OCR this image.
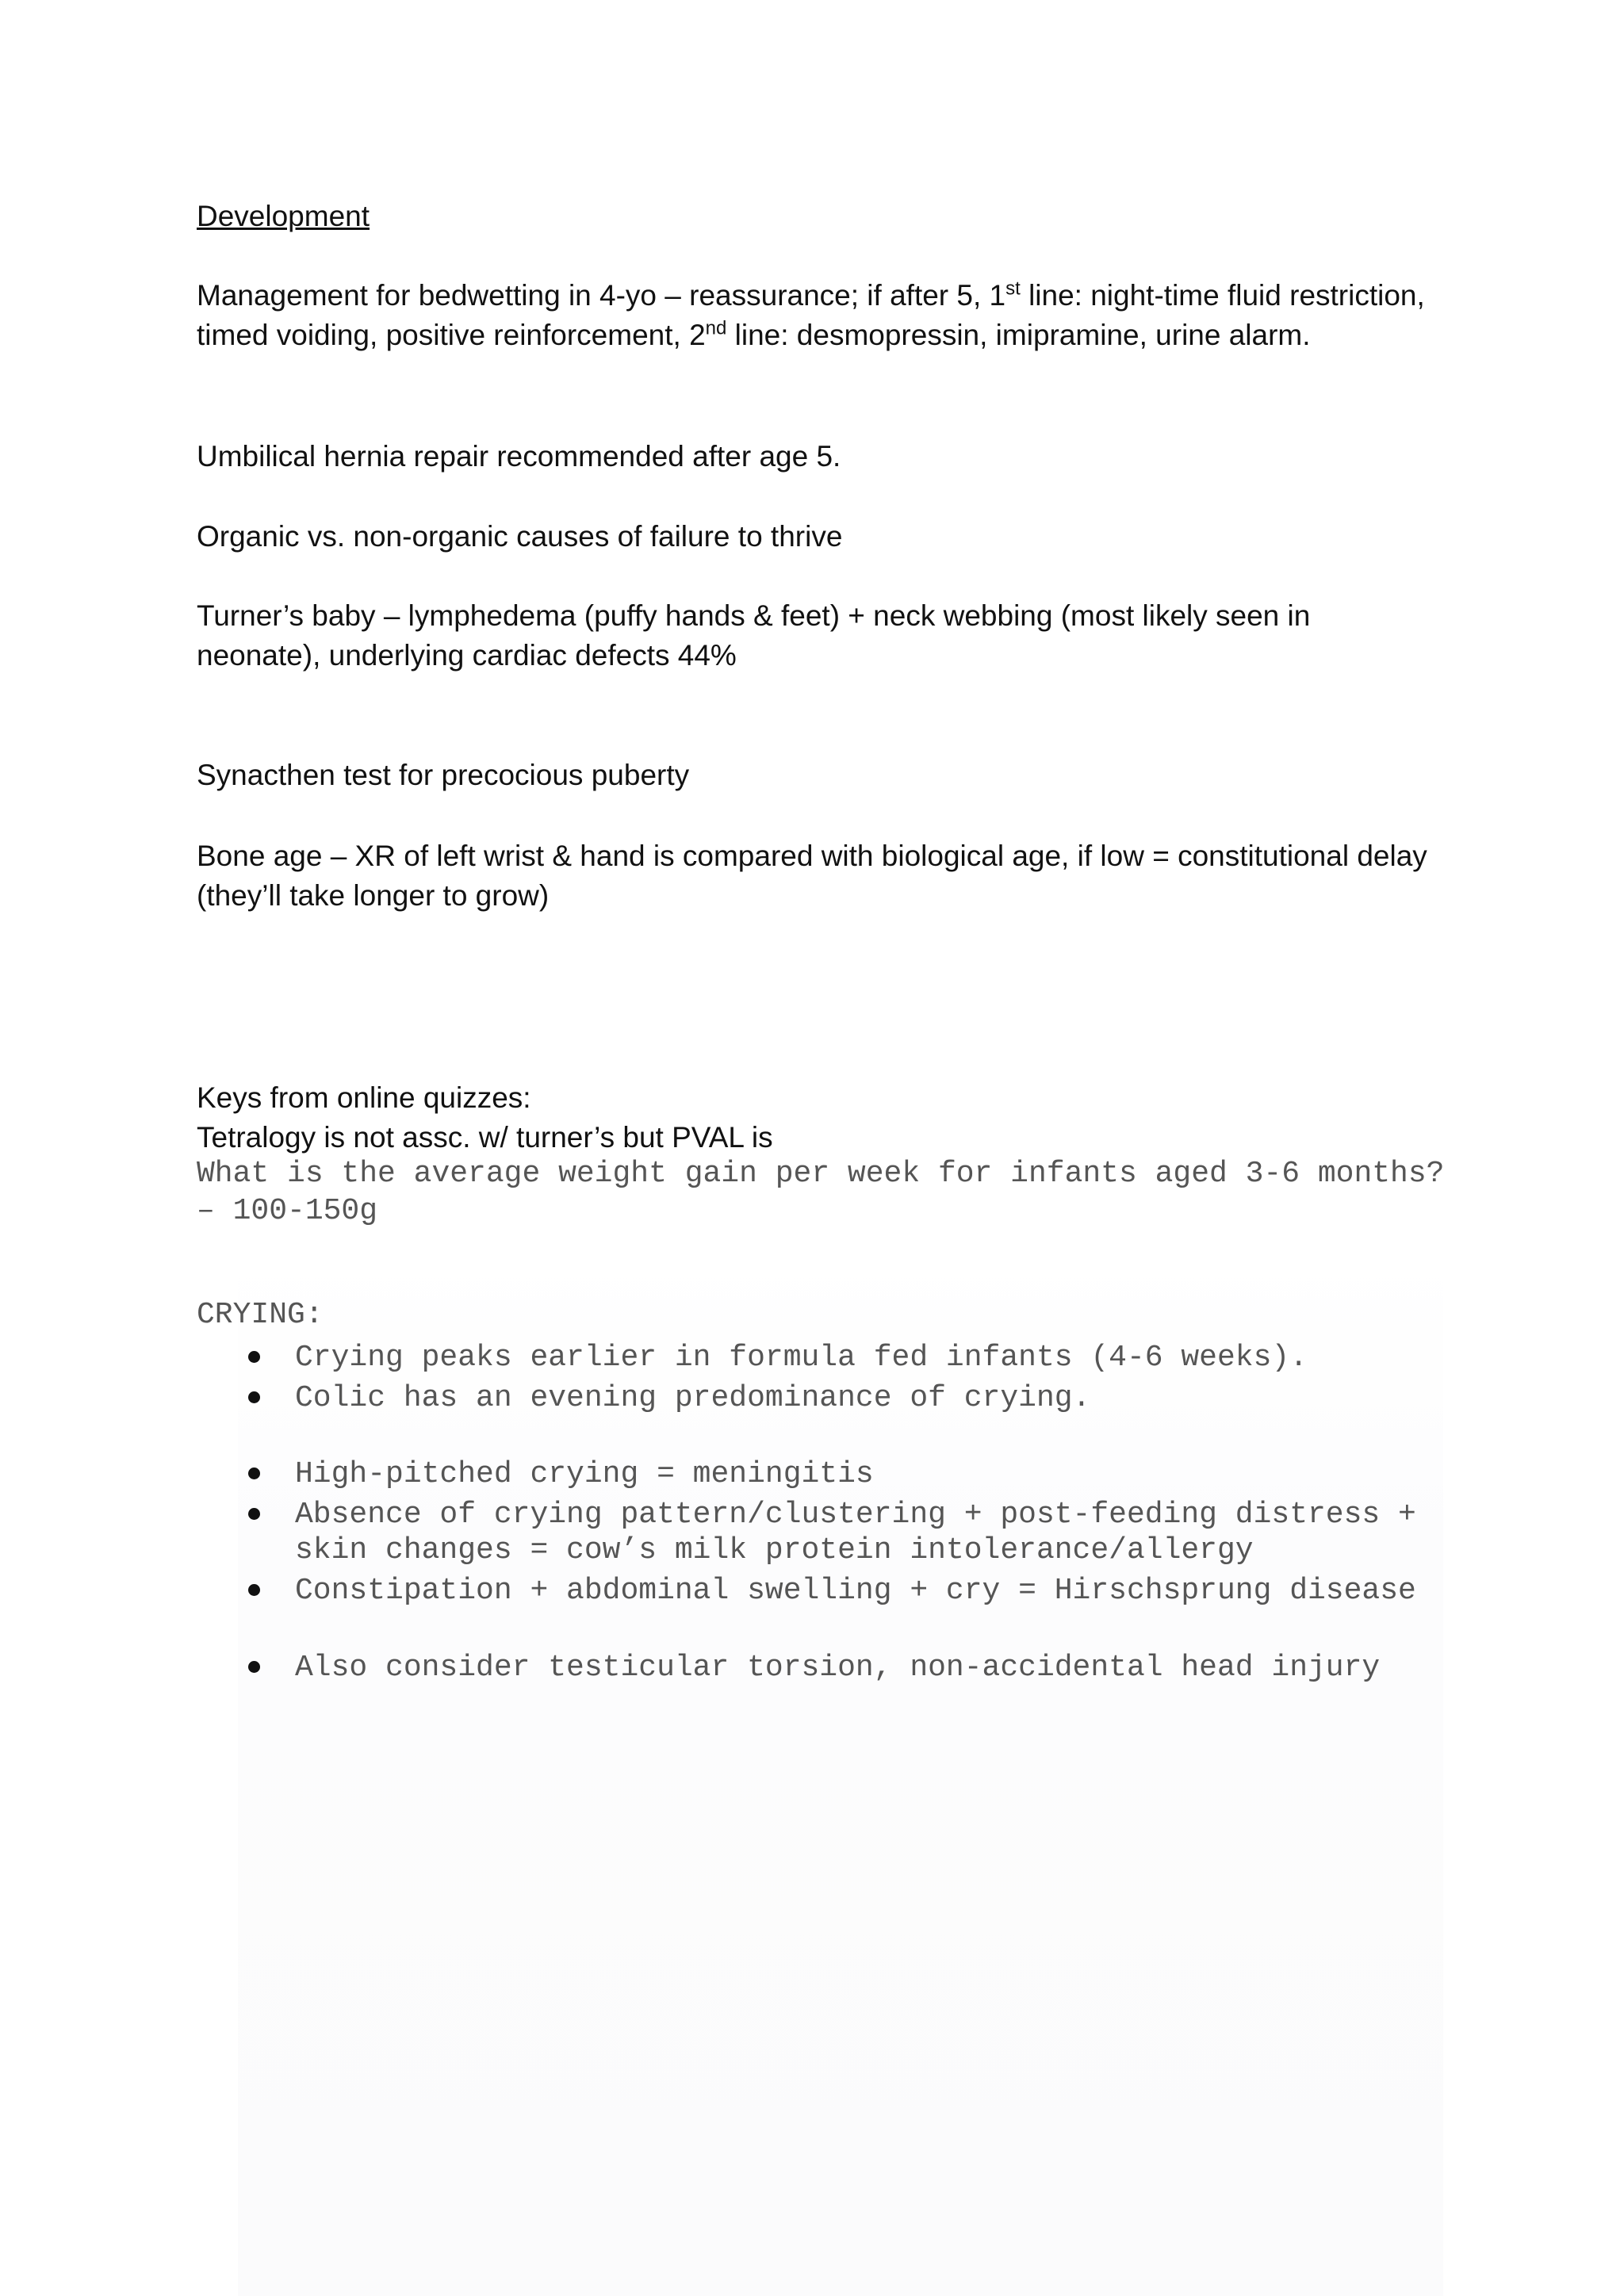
Development

Management for bedwetting in 4-yo – reassurance; if after 5, 1st line: night-time fluid restriction, timed voiding, positive reinforcement, 2nd line: desmopressin, imipramine, urine alarm.

Umbilical hernia repair recommended after age 5.

Organic vs. non-organic causes of failure to thrive

Turner’s baby – lymphedema (puffy hands & feet) + neck webbing (most likely seen in neonate), underlying cardiac defects 44%

Synacthen test for precocious puberty

Bone age – XR of left wrist & hand is compared with biological age, if low = constitutional delay (they’ll take longer to grow)

Keys from online quizzes:

Tetralogy is not assc. w/ turner’s but PVAL is

What is the average weight gain per week for infants aged 3-6 months? – 100-150g

CRYING:

Crying peaks earlier in formula fed infants (4-6 weeks).
Colic has an evening predominance of crying.
High-pitched crying = meningitis
Absence of crying pattern/clustering + post-feeding distress + skin changes = cow’s milk protein intolerance/allergy
Constipation + abdominal swelling + cry = Hirschsprung disease
Also consider testicular torsion, non-accidental head injury
